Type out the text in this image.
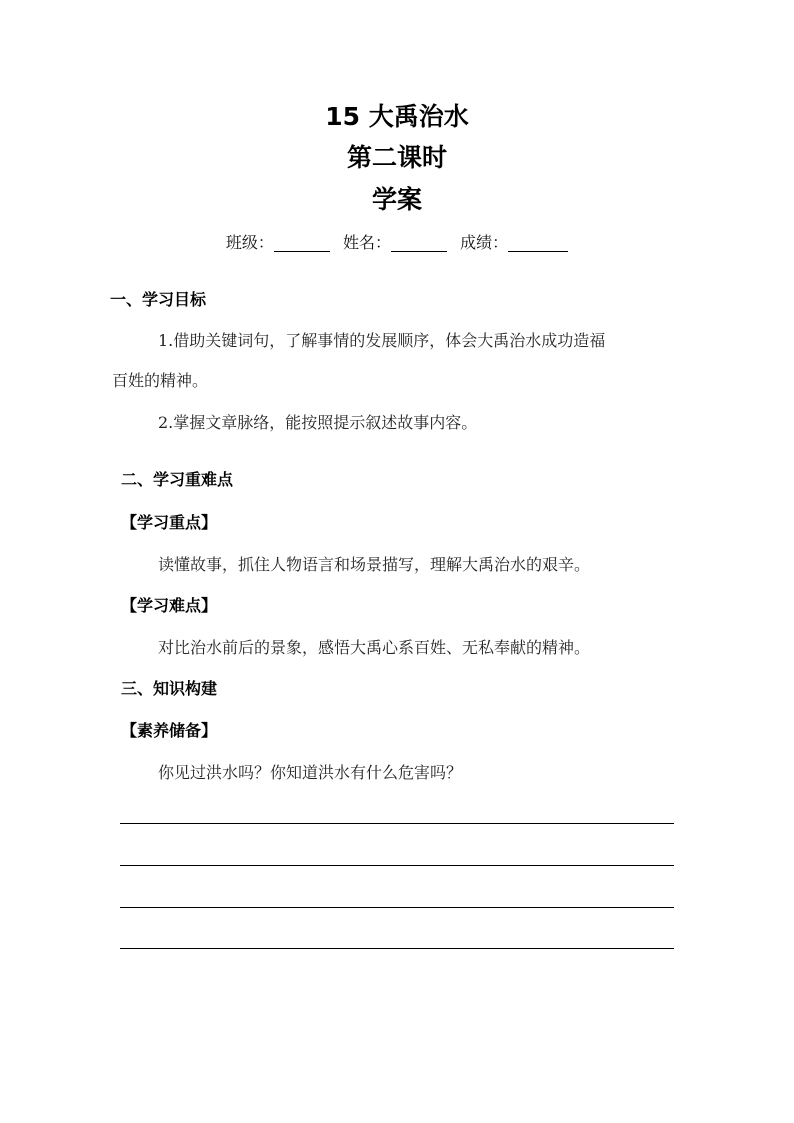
15 大禹治水
第二课时
学案
班级：	姓名：	成绩：
一、学习目标
1.借助关键词句，了解事情的发展顺序，体会大禹治水成功造福
百姓的精神。
2.掌握文章脉络，能按照提示叙述故事内容。
二、学习重难点
【学习重点】
读懂故事，抓住人物语言和场景描写，理解大禹治水的艰辛。
【学习难点】
对比治水前后的景象，感悟大禹心系百姓、无私奉献的精神。
三、知识构建
【素养储备】
你见过洪水吗？你知道洪水有什么危害吗？
